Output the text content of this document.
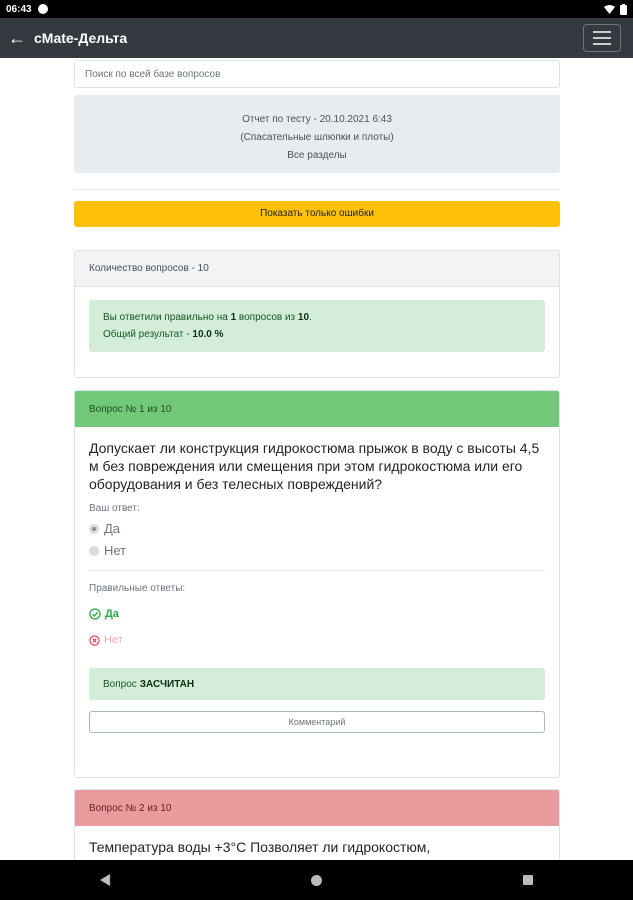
06:43
← cMate-Дельта
Поиск по всей базе вопросов
Отчет по тесту - 20.10.2021 6:43
(Спасательные шлюпки и плоты)
Все разделы
Показать только ошибки
Количество вопросов - 10
Вы ответили правильно на 1 вопросов из 10.
Общий результат - 10.0 %
Вопрос № 1 из 10
Допускает ли конструкция гидрокостюма прыжок в воду с высоты 4,5 м без повреждения или смещения при этом гидрокостюма или его оборудования и без телесных повреждений?
Ваш ответ:
Да
Нет
Правильные ответы:
Да
Нет
Вопрос ЗАСЧИТАН
Комментарий
Вопрос № 2 из 10
Температура воды +3°С Позволяет ли гидрокостюм,
